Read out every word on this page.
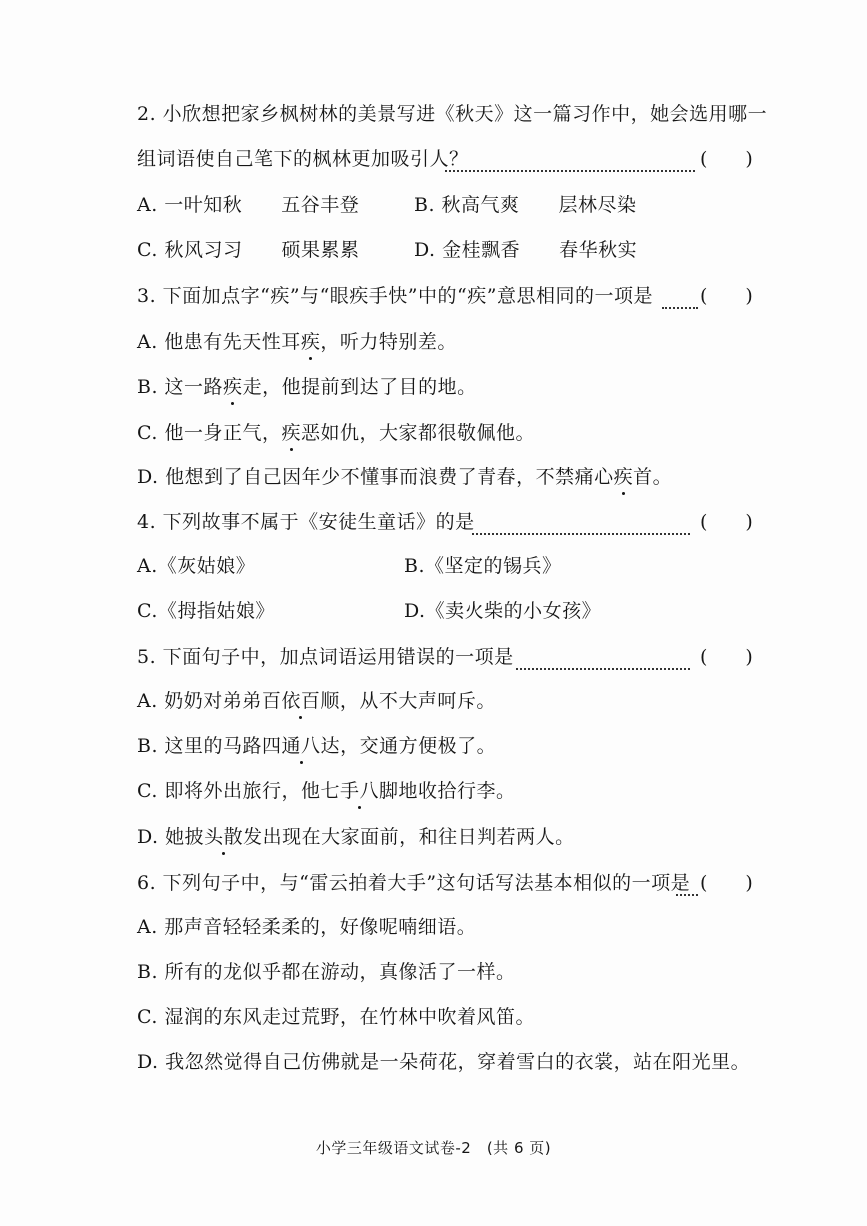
2. 小欣想把家乡枫树林的美景写进《秋天》这一篇习作中，她会选用哪一
组词语使自己笔下的枫林更加吸引人？	(　　)
A. 一叶知秋　　五谷丰登	B. 秋高气爽　　层林尽染
C. 秋风习习　　硕果累累	D. 金桂飘香　　春华秋实
3. 下面加点字“疾”与“眼疾手快”中的“疾”意思相同的一项是 (　　)
A. 他患有先天性耳疾，听力特别差。
B. 这一路疾走，他提前到达了目的地。
C. 他一身正气，疾恶如仇，大家都很敬佩他。
D. 他想到了自己因年少不懂事而浪费了青春，不禁痛心疾首。
4. 下列故事不属于《安徒生童话》的是	(　　)
A.《灰姑娘》	B.《坚定的锡兵》
C.《拇指姑娘》	D.《卖火柴的小女孩》
5. 下面句子中，加点词语运用错误的一项是	(　　)
A. 奶奶对弟弟百依百顺，从不大声呵斥。
B. 这里的马路四通八达，交通方便极了。
C. 即将外出旅行，他七手八脚地收拾行李。
D. 她披头散发出现在大家面前，和往日判若两人。
6. 下列句子中，与“雷云拍着大手”这句话写法基本相似的一项是 (　　)
A. 那声音轻轻柔柔的，好像呢喃细语。
B. 所有的龙似乎都在游动，真像活了一样。
C. 湿润的东风走过荒野，在竹林中吹着风笛。
D. 我忽然觉得自己仿佛就是一朵荷花，穿着雪白的衣裳，站在阳光里。
小学三年级语文试卷-2　(共 6 页)
